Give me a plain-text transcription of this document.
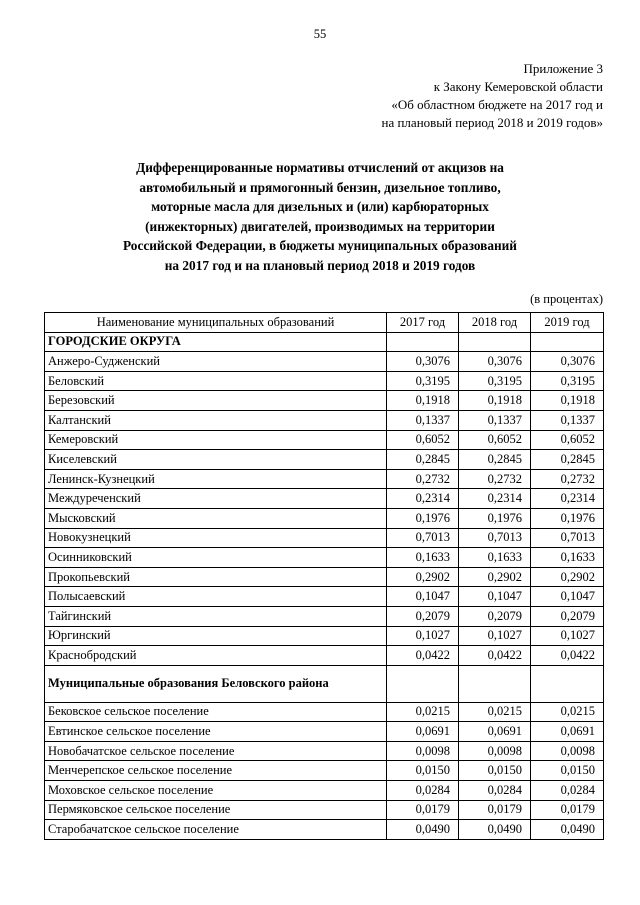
55
Приложение 3
к Закону Кемеровской области
«Об областном бюджете на 2017 год и
на плановый период 2018 и 2019 годов»
Дифференцированные нормативы отчислений от акцизов на
автомобильный и прямогонный бензин, дизельное топливо,
моторные масла для дизельных и (или) карбюраторных
(инжекторных) двигателей, производимых на территории
Российской Федерации, в бюджеты муниципальных образований
на 2017 год и на плановый период 2018 и 2019 годов
(в процентах)
Наименование муниципальных образований	2017 год	2018 год	2019 год
ГОРОДСКИЕ ОКРУГА			
Анжеро-Судженский	0,3076	0,3076	0,3076
Беловский	0,3195	0,3195	0,3195
Березовский	0,1918	0,1918	0,1918
Калтанский	0,1337	0,1337	0,1337
Кемеровский	0,6052	0,6052	0,6052
Киселевский	0,2845	0,2845	0,2845
Ленинск-Кузнецкий	0,2732	0,2732	0,2732
Междуреченский	0,2314	0,2314	0,2314
Мысковский	0,1976	0,1976	0,1976
Новокузнецкий	0,7013	0,7013	0,7013
Осинниковский	0,1633	0,1633	0,1633
Прокопьевский	0,2902	0,2902	0,2902
Полысаевский	0,1047	0,1047	0,1047
Тайгинский	0,2079	0,2079	0,2079
Юргинский	0,1027	0,1027	0,1027
Краснобродский	0,0422	0,0422	0,0422
Муниципальные образования Беловского района			
Бековское сельское поселение	0,0215	0,0215	0,0215
Евтинское сельское поселение	0,0691	0,0691	0,0691
Новобачатское сельское поселение	0,0098	0,0098	0,0098
Менчерепское сельское поселение	0,0150	0,0150	0,0150
Моховское сельское поселение	0,0284	0,0284	0,0284
Пермяковское сельское поселение	0,0179	0,0179	0,0179
Старобачатское сельское поселение	0,0490	0,0490	0,0490
